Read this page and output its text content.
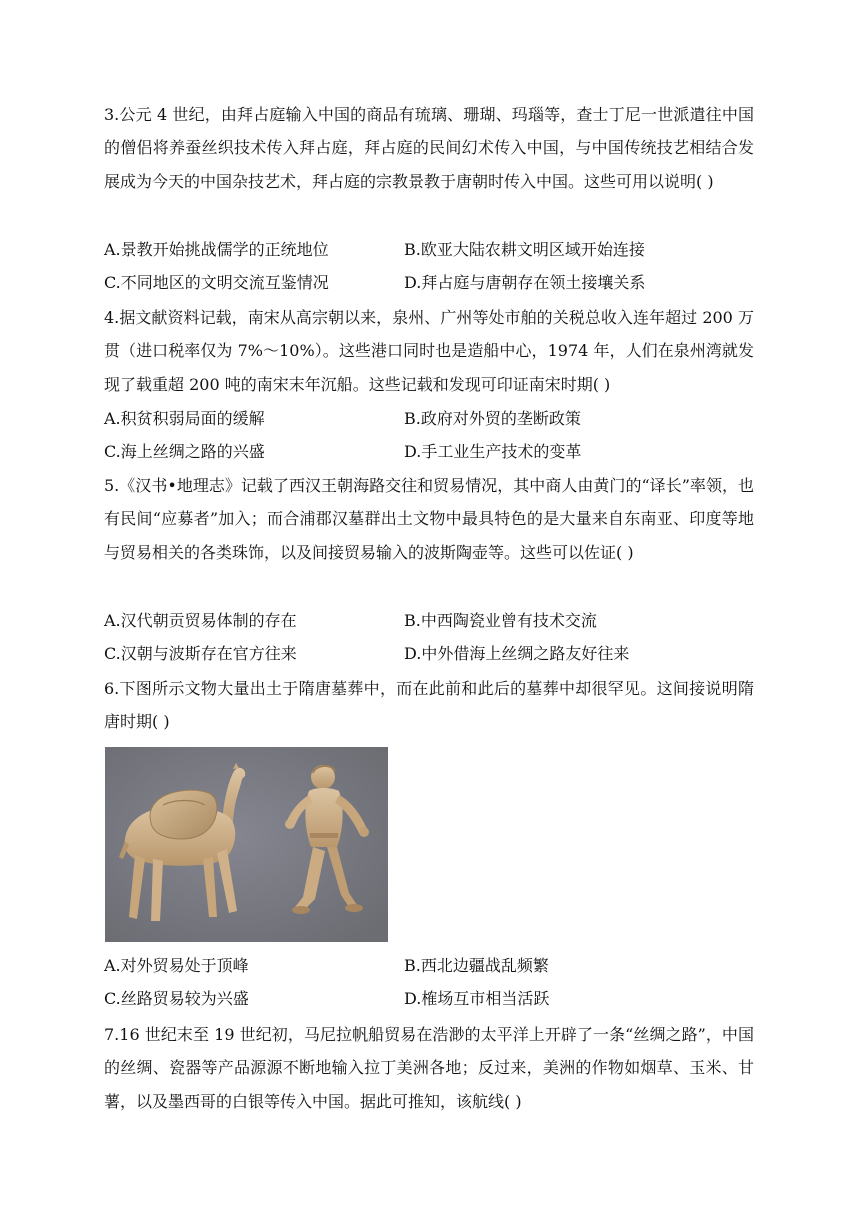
3.公元 4 世纪，由拜占庭输入中国的商品有琉璃、珊瑚、玛瑙等，查士丁尼一世派遣往中国的僧侣将养蚕丝织技术传入拜占庭，拜占庭的民间幻术传入中国，与中国传统技艺相结合发展成为今天的中国杂技艺术，拜占庭的宗教景教于唐朝时传入中国。这些可用以说明( )
A.景教开始挑战儒学的正统地位	B.欧亚大陆农耕文明区域开始连接
C.不同地区的文明交流互鉴情况	D.拜占庭与唐朝存在领土接壤关系
4.据文献资料记载，南宋从高宗朝以来，泉州、广州等处市舶的关税总收入连年超过 200 万贯（进口税率仅为 7%～10%）。这些港口同时也是造船中心，1974 年，人们在泉州湾就发现了载重超 200 吨的南宋末年沉船。这些记载和发现可印证南宋时期( )
A.积贫积弱局面的缓解	B.政府对外贸的垄断政策
C.海上丝绸之路的兴盛	D.手工业生产技术的变革
5.《汉书•地理志》记载了西汉王朝海路交往和贸易情况，其中商人由黄门的“译长”率领，也有民间“应募者”加入；而合浦郡汉墓群出土文物中最具特色的是大量来自东南亚、印度等地与贸易相关的各类珠饰，以及间接贸易输入的波斯陶壶等。这些可以佐证( )
A.汉代朝贡贸易体制的存在	B.中西陶瓷业曾有技术交流
C.汉朝与波斯存在官方往来	D.中外借海上丝绸之路友好往来
6.下图所示文物大量出土于隋唐墓葬中，而在此前和此后的墓葬中却很罕见。这间接说明隋唐时期( )
A.对外贸易处于顶峰	B.西北边疆战乱频繁
C.丝路贸易较为兴盛	D.榷场互市相当活跃
7.16 世纪末至 19 世纪初，马尼拉帆船贸易在浩渺的太平洋上开辟了一条“丝绸之路”，中国的丝绸、瓷器等产品源源不断地输入拉丁美洲各地；反过来，美洲的作物如烟草、玉米、甘薯，以及墨西哥的白银等传入中国。据此可推知，该航线( )
